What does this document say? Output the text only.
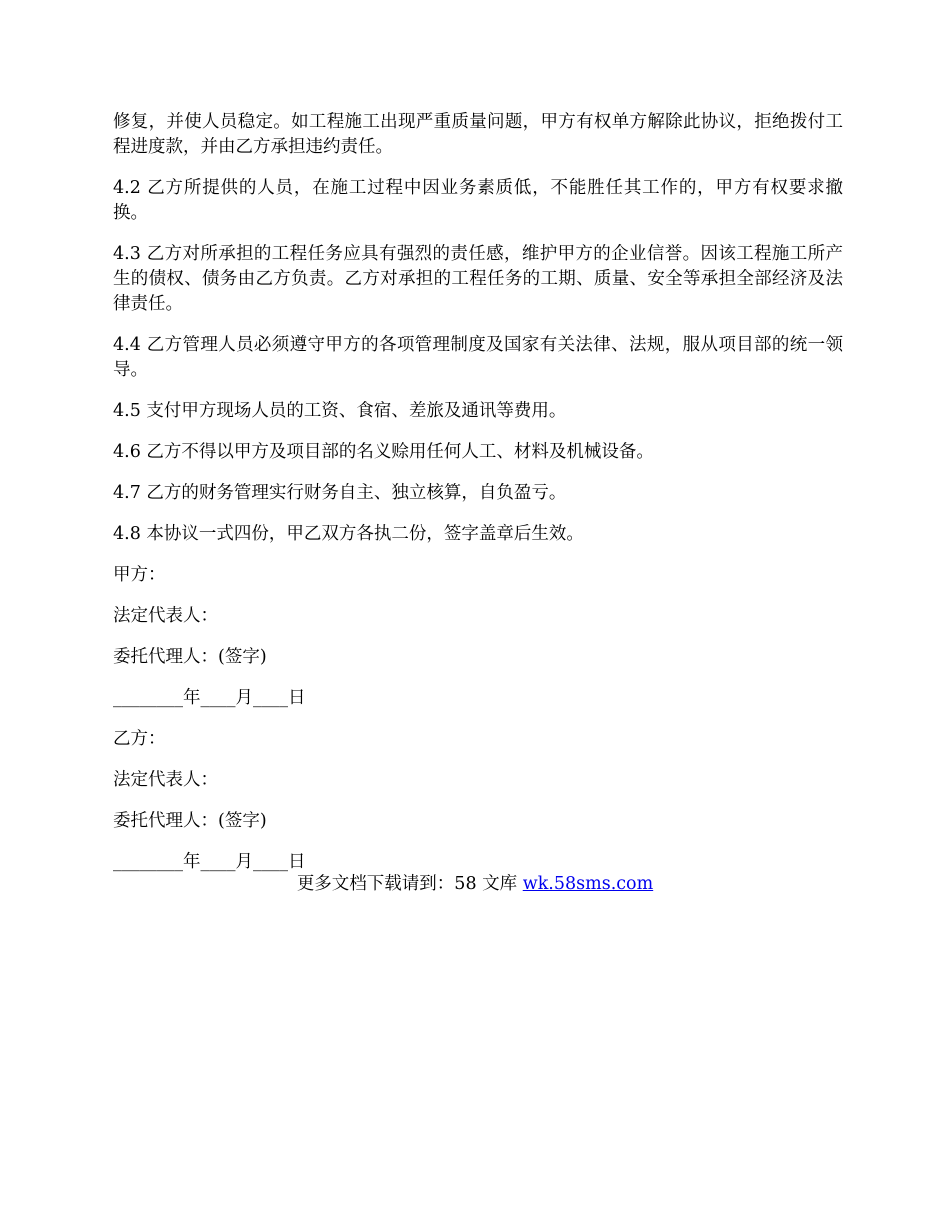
修复，并使人员稳定。如工程施工出现严重质量问题，甲方有权单方解除此协议，拒绝拨付工程进度款，并由乙方承担违约责任。

4.2 乙方所提供的人员，在施工过程中因业务素质低，不能胜任其工作的，甲方有权要求撤换。

4.3 乙方对所承担的工程任务应具有强烈的责任感，维护甲方的企业信誉。因该工程施工所产生的债权、债务由乙方负责。乙方对承担的工程任务的工期、质量、安全等承担全部经济及法律责任。

4.4 乙方管理人员必须遵守甲方的各项管理制度及国家有关法律、法规，服从项目部的统一领导。

4.5 支付甲方现场人员的工资、食宿、差旅及通讯等费用。

4.6 乙方不得以甲方及项目部的名义赊用任何人工、材料及机械设备。

4.7 乙方的财务管理实行财务自主、独立核算，自负盈亏。

4.8 本协议一式四份，甲乙双方各执二份，签字盖章后生效。

甲方：
法定代表人：
委托代理人：(签字)
________年____月____日
乙方：
法定代表人：
委托代理人：(签字)
________年____月____日
更多文档下载请到：58 文库 wk.58sms.com
